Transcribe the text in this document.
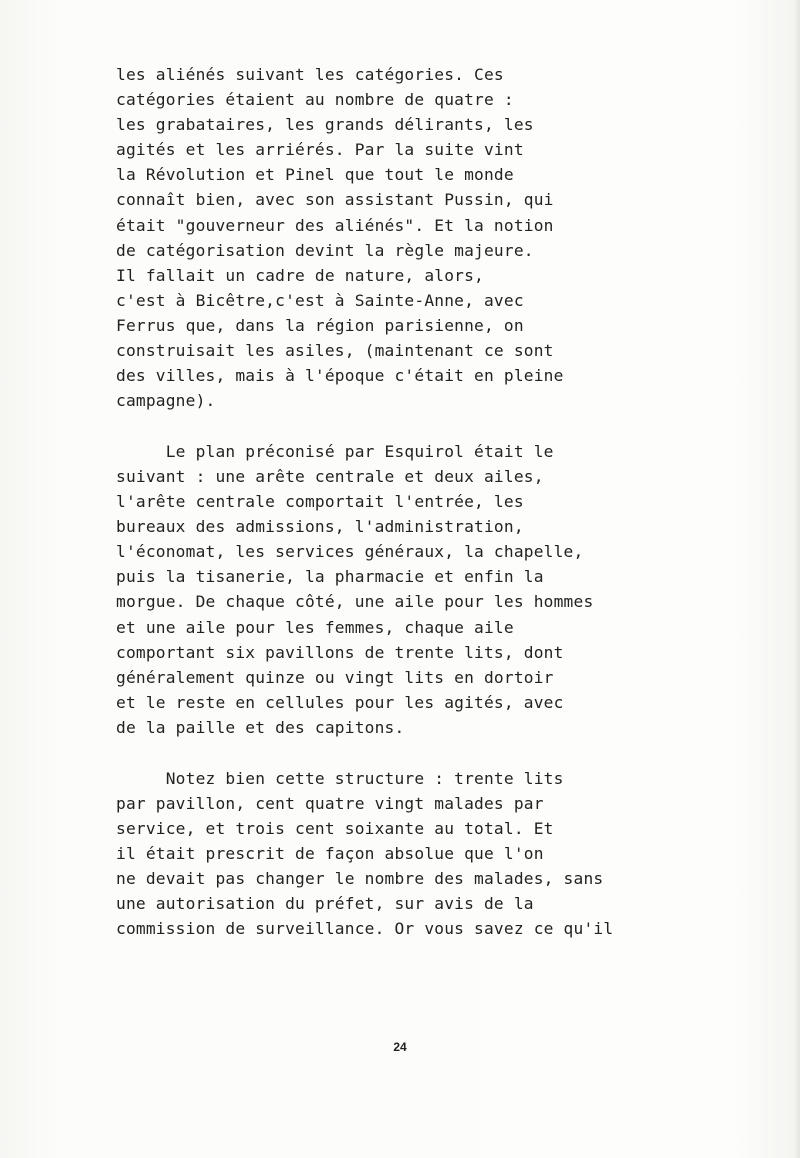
les aliénés suivant les catégories. Ces
catégories étaient au nombre de quatre :
les grabataires, les grands délirants, les
agités et les arriérés. Par la suite vint
la Révolution et Pinel que tout le monde
connaît bien, avec son assistant Pussin, qui
était "gouverneur des aliénés". Et la notion
de catégorisation devint la règle majeure.
Il fallait un cadre de nature, alors,
c'est à Bicêtre,c'est à Sainte-Anne, avec
Ferrus que, dans la région parisienne, on
construisait les asiles, (maintenant ce sont
des villes, mais à l'époque c'était en pleine
campagne).
Le plan préconisé par Esquirol était le
suivant : une arête centrale et deux ailes,
l'arête centrale comportait l'entrée, les
bureaux des admissions, l'administration,
l'économat, les services généraux, la chapelle,
puis la tisanerie, la pharmacie et enfin la
morgue. De chaque côté, une aile pour les hommes
et une aile pour les femmes, chaque aile
comportant six pavillons de trente lits, dont
généralement quinze ou vingt lits en dortoir
et le reste en cellules pour les agités, avec
de la paille et des capitons.
Notez bien cette structure : trente lits
par pavillon, cent quatre vingt malades par
service, et trois cent soixante au total. Et
il était prescrit de façon absolue que l'on
ne devait pas changer le nombre des malades, sans
une autorisation du préfet, sur avis de la
commission de surveillance. Or vous savez ce qu'il
24
